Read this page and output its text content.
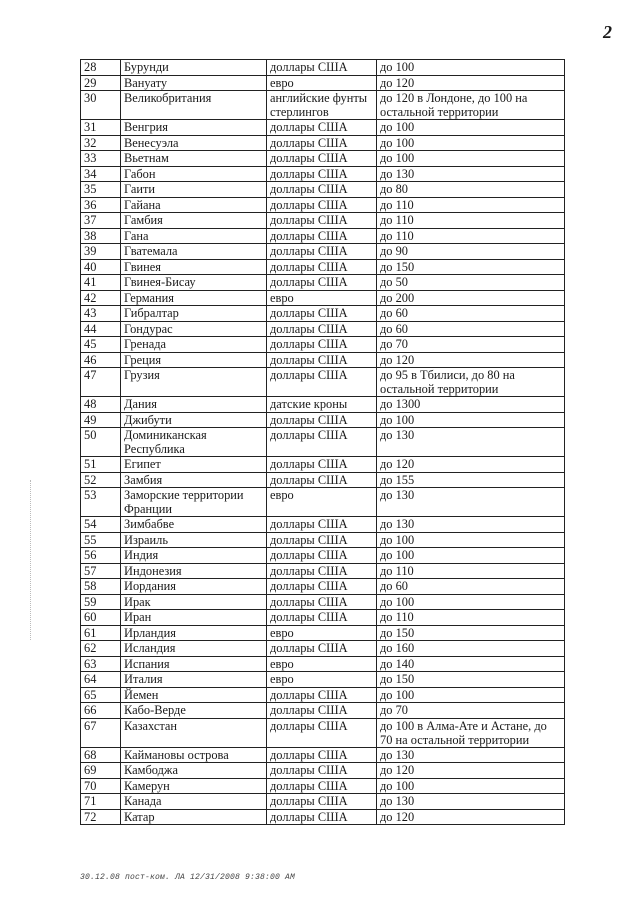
2
28	Бурунди	доллары США	до 100
29	Вануату	евро	до 120
30	Великобритания	английские фунты стерлингов	до 120 в Лондоне, до 100 на остальной территории
31	Венгрия	доллары США	до 100
32	Венесуэла	доллары США	до 100
33	Вьетнам	доллары США	до 100
34	Габон	доллары США	до 130
35	Гаити	доллары США	до 80
36	Гайана	доллары США	до 110
37	Гамбия	доллары США	до 110
38	Гана	доллары США	до 110
39	Гватемала	доллары США	до 90
40	Гвинея	доллары США	до 150
41	Гвинея-Бисау	доллары США	до 50
42	Германия	евро	до 200
43	Гибралтар	доллары США	до 60
44	Гондурас	доллары США	до 60
45	Гренада	доллары США	до 70
46	Греция	доллары США	до 120
47	Грузия	доллары США	до 95 в Тбилиси, до 80 на остальной территории
48	Дания	датские кроны	до 1300
49	Джибути	доллары США	до 100
50	Доминиканская Республика	доллары США	до 130
51	Египет	доллары США	до 120
52	Замбия	доллары США	до 155
53	Заморские территории Франции	евро	до 130
54	Зимбабве	доллары США	до 130
55	Израиль	доллары США	до 100
56	Индия	доллары США	до 100
57	Индонезия	доллары США	до 110
58	Иордания	доллары США	до 60
59	Ирак	доллары США	до 100
60	Иран	доллары США	до 110
61	Ирландия	евро	до 150
62	Исландия	доллары США	до 160
63	Испания	евро	до 140
64	Италия	евро	до 150
65	Йемен	доллары США	до 100
66	Кабо-Верде	доллары США	до 70
67	Казахстан	доллары США	до 100 в Алма-Ате и Астане, до 70 на остальной территории
68	Каймановы острова	доллары США	до 130
69	Камбоджа	доллары США	до 120
70	Камерун	доллары США	до 100
71	Канада	доллары США	до 130
72	Катар	доллары США	до 120
30.12.08 пост-ком. ЛА 12/31/2008 9:38:00 AM
